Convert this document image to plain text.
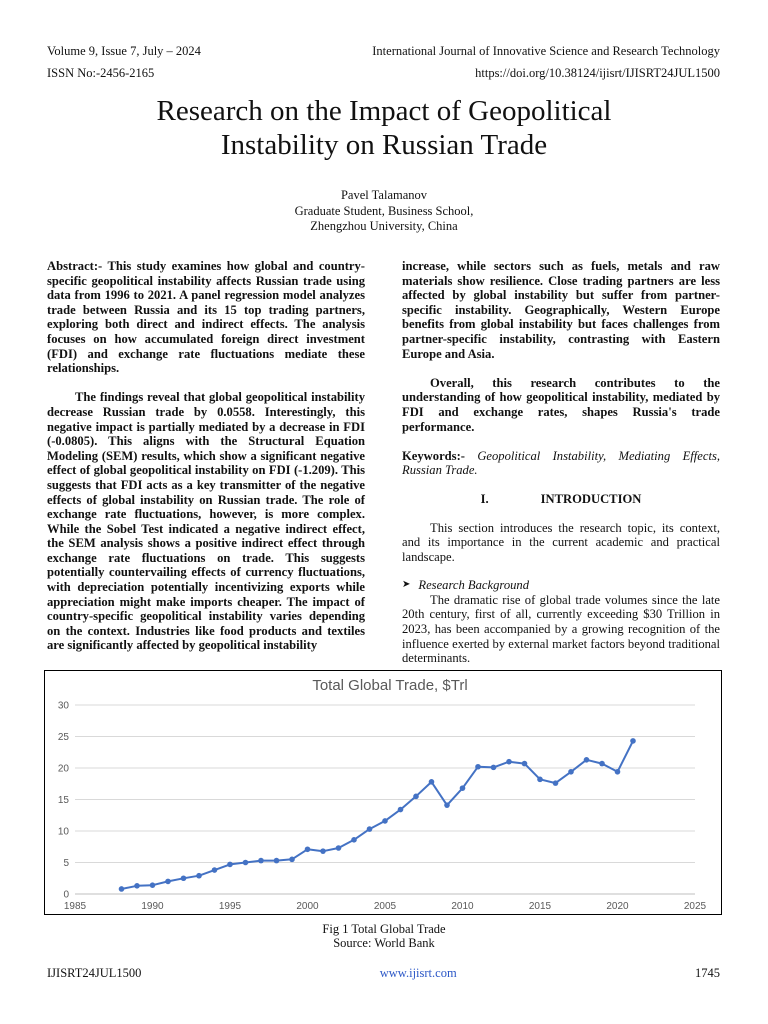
Volume 9, Issue 7, July – 2024	International Journal of Innovative Science and Research Technology
ISSN No:-2456-2165	https://doi.org/10.38124/ijisrt/IJISRT24JUL1500
Research on the Impact of Geopolitical
Instability on Russian Trade
Pavel Talamanov
Graduate Student, Business School,
Zhengzhou University, China

Abstract:- This study examines how global and country-specific geopolitical instability affects Russian trade using data from 1996 to 2021. A panel regression model analyzes trade between Russia and its 15 top trading partners, exploring both direct and indirect effects. The analysis focuses on how accumulated foreign direct investment (FDI) and exchange rate fluctuations mediate these relationships.

The findings reveal that global geopolitical instability decrease Russian trade by 0.0558. Interestingly, this negative impact is partially mediated by a decrease in FDI (-0.0805). This aligns with the Structural Equation Modeling (SEM) results, which show a significant negative effect of global geopolitical instability on FDI (-1.209). This suggests that FDI acts as a key transmitter of the negative effects of global instability on Russian trade. The role of exchange rate fluctuations, however, is more complex. While the Sobel Test indicated a negative indirect effect, the SEM analysis shows a positive indirect effect through exchange rate fluctuations on trade. This suggests potentially countervailing effects of currency fluctuations, with depreciation potentially incentivizing exports while appreciation might make imports cheaper. The impact of country-specific geopolitical instability varies depending on the context. Industries like food products and textiles are significantly affected by geopolitical instability

increase, while sectors such as fuels, metals and raw materials show resilience. Close trading partners are less affected by global instability but suffer from partner-specific instability. Geographically, Western Europe benefits from global instability but faces challenges from partner-specific instability, contrasting with Eastern Europe and Asia.

Overall, this research contributes to the understanding of how geopolitical instability, mediated by FDI and exchange rates, shapes Russia's trade performance.

Keywords:- Geopolitical Instability, Mediating Effects, Russian Trade.

I.	INTRODUCTION

This section introduces the research topic, its context, and its importance in the current academic and practical landscape.

➤ Research Background

The dramatic rise of global trade volumes since the late 20th century, first of all, currently exceeding $30 Trillion in 2023, has been accompanied by a growing recognition of the influence exerted by external market factors beyond traditional determinants.

Total Global Trade, $Trl
0
5
10
15
20
25
30
1985	1990	1995	2000	2005	2010	2015	2020	2025
Fig 1 Total Global Trade
Source: World Bank
IJISRT24JUL1500	www.ijisrt.com	1745
